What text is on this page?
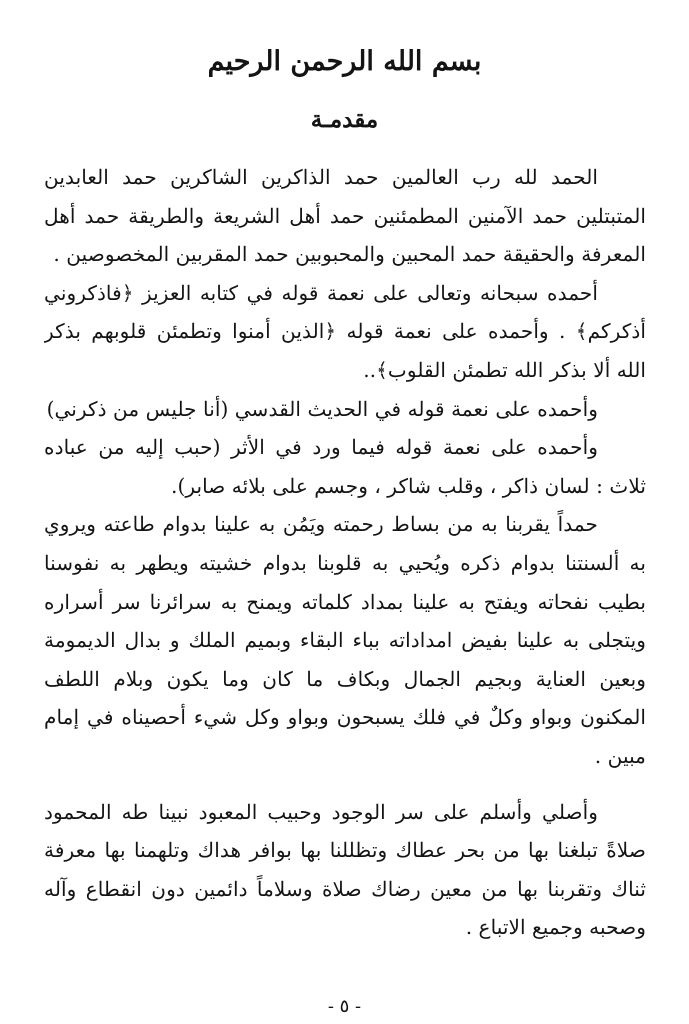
بسم الله الرحمن الرحيم
مقدمـة
الحمد لله رب العالمين حمد الذاكرين الشاكرين حمد العابدين
المتبتلين حمد الآمنين المطمئنين حمد أهل الشريعة والطريقة حمد أهل
المعرفة والحقيقة حمد المحبين والمحبوبين حمد المقربين المخصوصين .
أحمده سبحانه وتعالى على نعمة قوله في كتابه العزيز ﴿فاذكروني
أذكركم﴾ . وأحمده على نعمة قوله ﴿الذين أمنوا وتطمئن قلوبهم بذكر
الله ألا بذكر الله تطمئن القلوب﴾..
وأحمده على نعمة قوله في الحديث القدسي (أنا جليس من ذكرني)
وأحمده على نعمة قوله فيما ورد في الأثر (حبب إليه من عباده
ثلاث : لسان ذاكر ، وقلب شاكر ، وجسم على بلائه صابر).
حمداً يقربنا به من بساط رحمته ويَمُن به علينا بدوام طاعته ويروي
به ألسنتنا بدوام ذكره ويُحيي به قلوبنا بدوام خشيته ويطهر به نفوسنا
بطيب نفحاته ويفتح به علينا بمداد كلماته ويمنح به سرائرنا سر أسراره
ويتجلى به علينا بفيض امداداته بباء البقاء وبميم الملك و بدال الديمومة
وبعين العناية وبجيم الجمال وبكاف ما كان وما يكون وبلام اللطف
المكنون وبواو وكلٌ في فلك يسبحون وبواو وكل شيء أحصيناه في إمام
مبين .
وأصلي وأسلم على سر الوجود وحبيب المعبود نبينا طه المحمود
صلاةً تبلغنا بها من بحر عطاك وتظللنا بها بوافر هداك وتلهمنا بها معرفة
ثناك وتقربنا بها من معين رضاك صلاة وسلاماً دائمين دون انقطاع وآله
وصحبه وجميع الاتباع .
- ٥ -
